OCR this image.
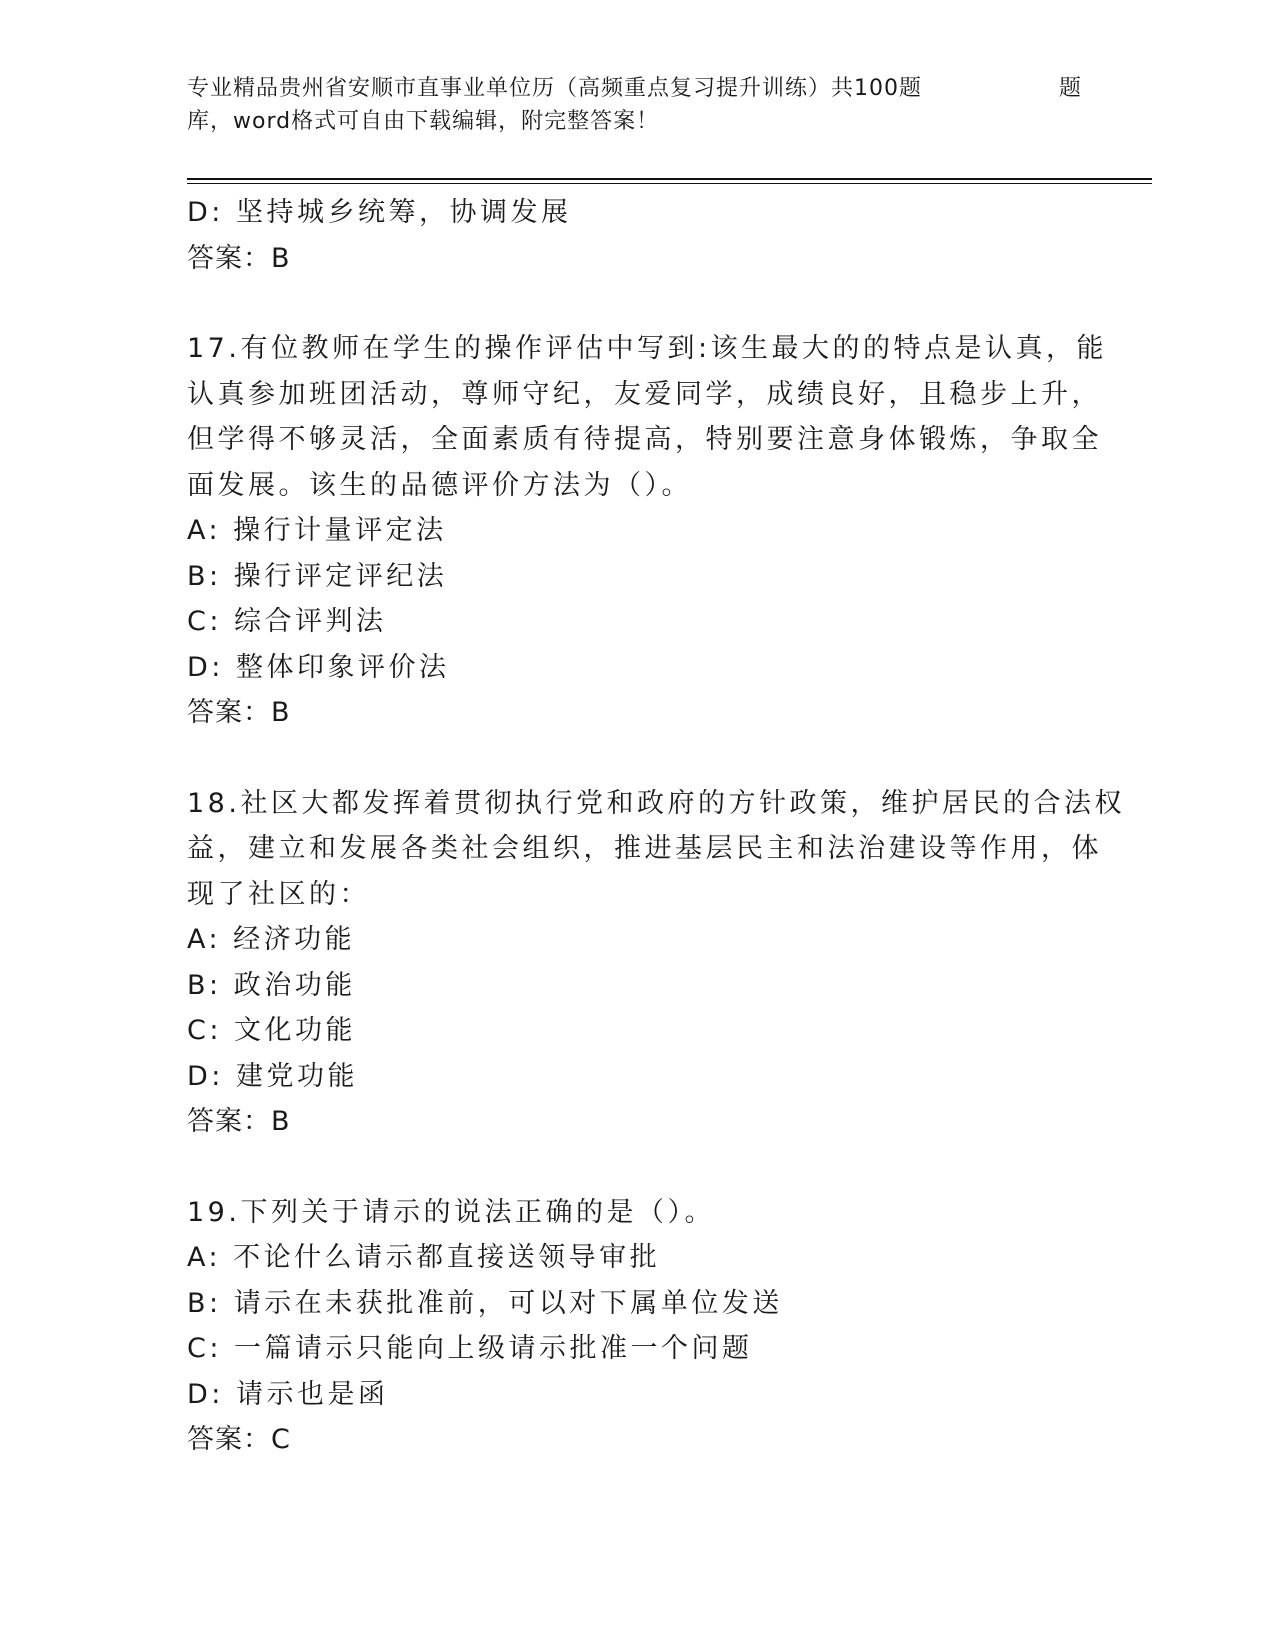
专业精品贵州省安顺市直事业单位历（高频重点复习提升训练）共100题	题
库，word格式可自由下载编辑，附完整答案！
D: 坚持城乡统筹，协调发展
答案：B
17.有位教师在学生的操作评估中写到:该生最大的的特点是认真，能
认真参加班团活动，尊师守纪，友爱同学，成绩良好，且稳步上升，
但学得不够灵活，全面素质有待提高，特别要注意身体锻炼，争取全
面发展。该生的品德评价方法为（）。
A: 操行计量评定法
B: 操行评定评纪法
C: 综合评判法
D: 整体印象评价法
答案：B
18.社区大都发挥着贯彻执行党和政府的方针政策，维护居民的合法权
益，建立和发展各类社会组织，推进基层民主和法治建设等作用，体
现了社区的：
A: 经济功能
B: 政治功能
C: 文化功能
D: 建党功能
答案：B
19.下列关于请示的说法正确的是（）。
A: 不论什么请示都直接送领导审批
B: 请示在未获批准前，可以对下属单位发送
C: 一篇请示只能向上级请示批准一个问题
D: 请示也是函
答案：C
